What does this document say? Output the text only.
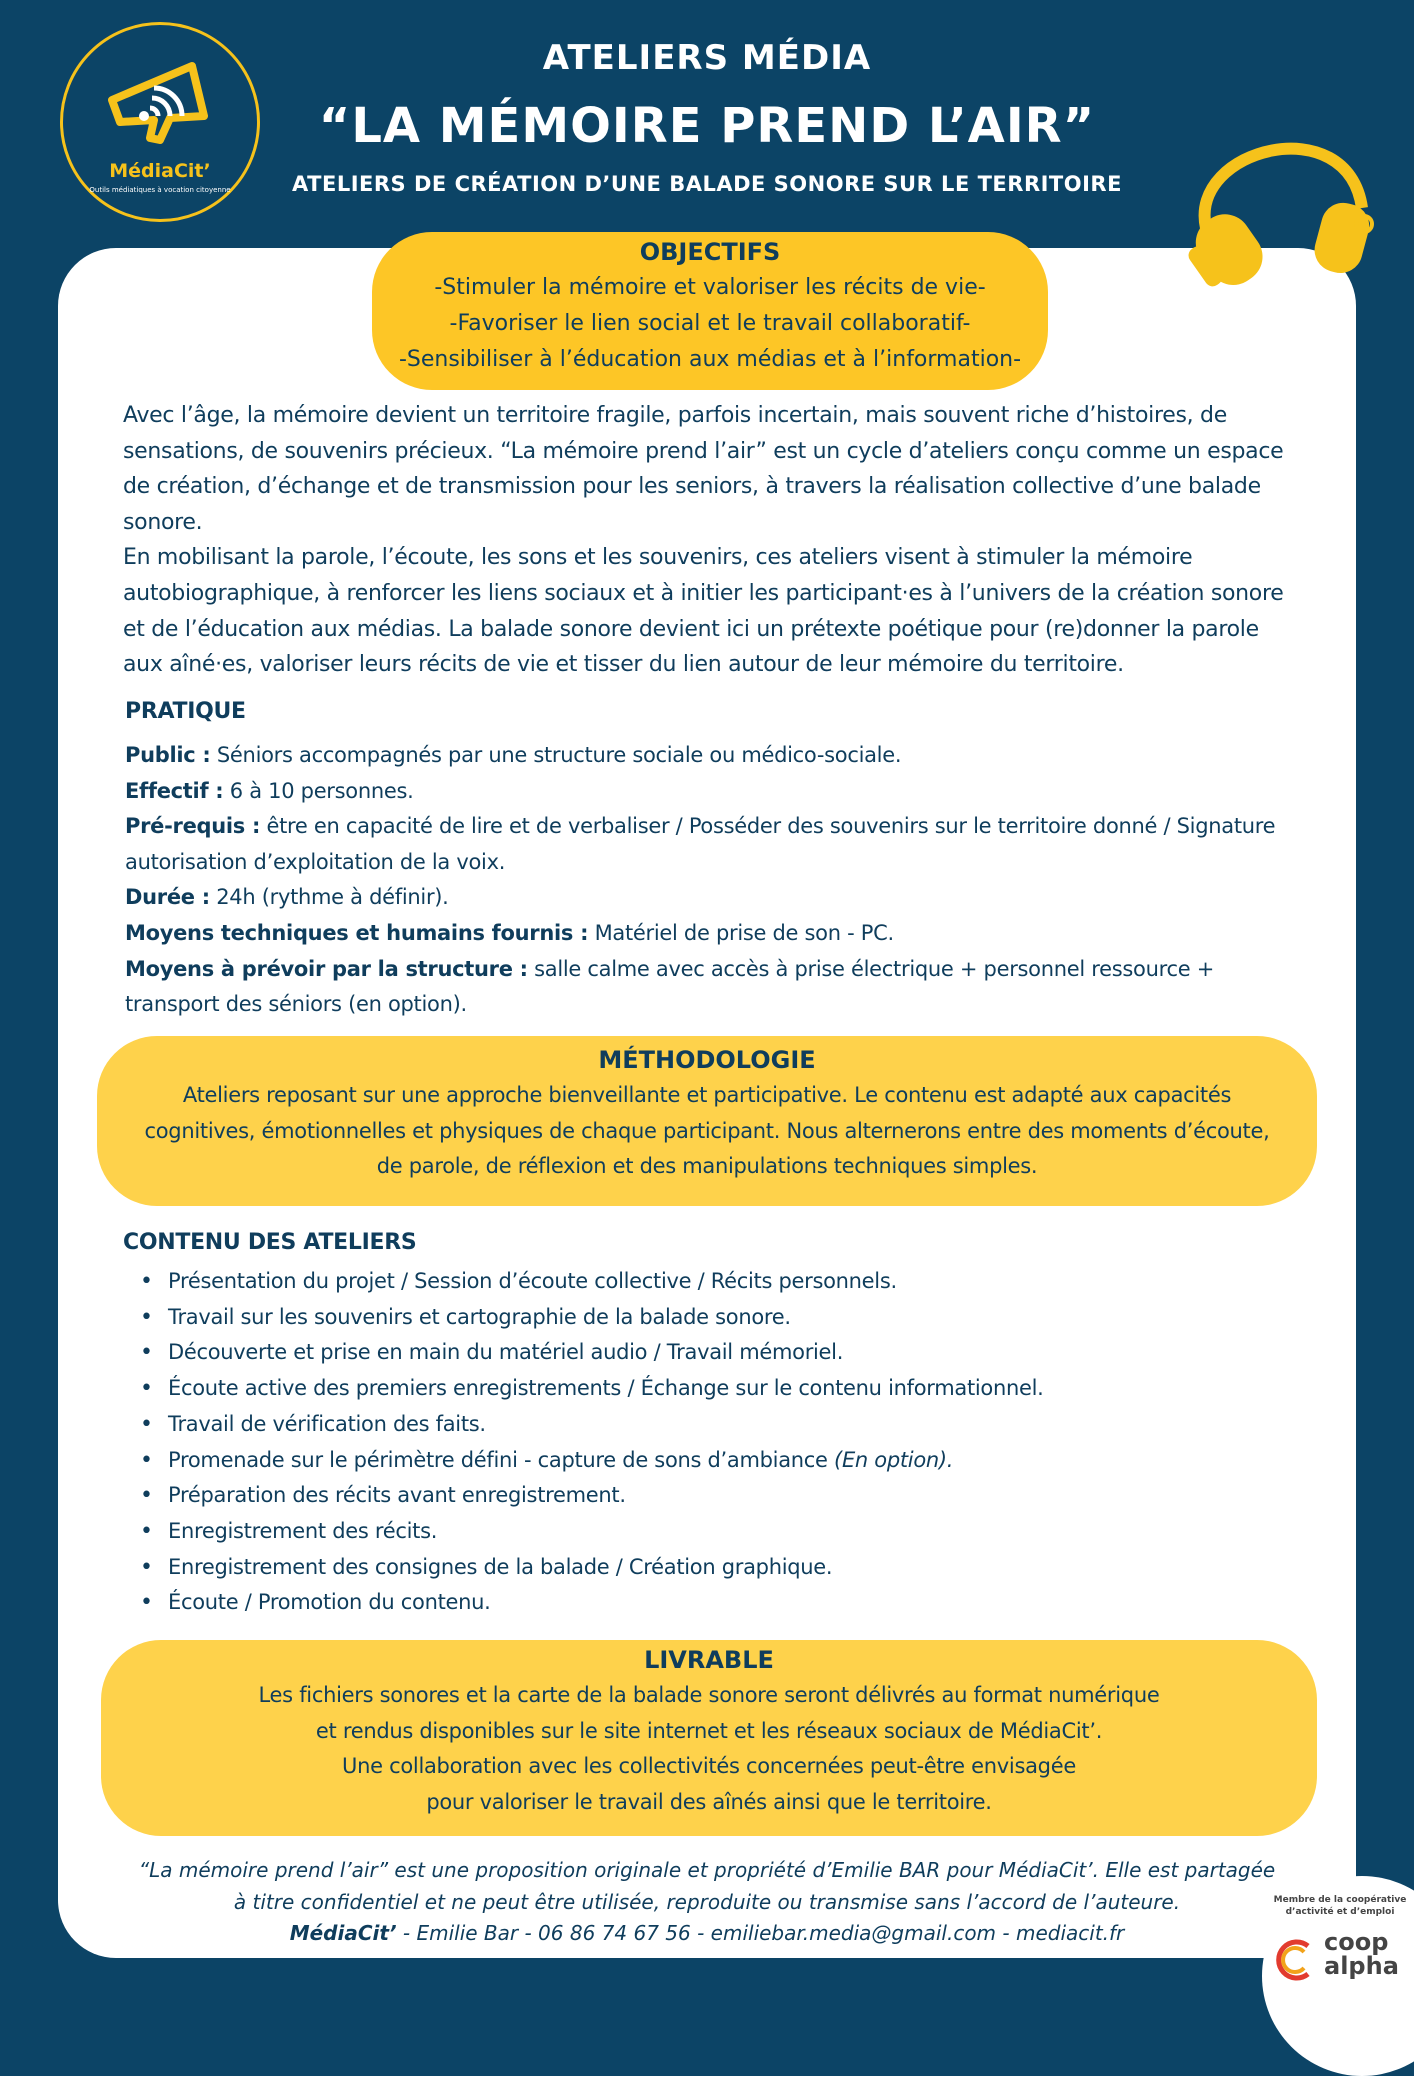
MédiaCit’
Outils médiatiques à vocation citoyenne
ATELIERS MÉDIA
“LA MÉMOIRE PREND L’AIR”
ATELIERS DE CRÉATION D’UNE BALADE SONORE SUR LE TERRITOIRE
OBJECTIFS
-Stimuler la mémoire et valoriser les récits de vie-
-Favoriser le lien social et le travail collaboratif-
-Sensibiliser à l’éducation aux médias et à l’information-

Avec l’âge, la mémoire devient un territoire fragile, parfois incertain, mais souvent riche d’histoires, de sensations, de souvenirs précieux. “La mémoire prend l’air” est un cycle d’ateliers conçu comme un espace de création, d’échange et de transmission pour les seniors, à travers la réalisation collective d’une balade sonore.

En mobilisant la parole, l’écoute, les sons et les souvenirs, ces ateliers visent à stimuler la mémoire autobiographique, à renforcer les liens sociaux et à initier les participant·es à l’univers de la création sonore et de l’éducation aux médias. La balade sonore devient ici un prétexte poétique pour (re)donner la parole aux aîné·es, valoriser leurs récits de vie et tisser du lien autour de leur mémoire du territoire.

PRATIQUE
Public : Séniors accompagnés par une structure sociale ou médico-sociale.
Effectif : 6 à 10 personnes.
Pré-requis : être en capacité de lire et de verbaliser / Posséder des souvenirs sur le territoire donné / Signature autorisation d’exploitation de la voix.
Durée : 24h (rythme à définir).
Moyens techniques et humains fournis : Matériel de prise de son - PC.
Moyens à prévoir par la structure : salle calme avec accès à prise électrique + personnel ressource + transport des séniors (en option).
MÉTHODOLOGIE
Ateliers reposant sur une approche bienveillante et participative. Le contenu est adapté aux capacités cognitives, émotionnelles et physiques de chaque participant. Nous alternerons entre des moments d’écoute, de parole, de réflexion et des manipulations techniques simples.
CONTENU DES ATELIERS
• Présentation du projet / Session d’écoute collective / Récits personnels.
• Travail sur les souvenirs et cartographie de la balade sonore.
• Découverte et prise en main du matériel audio / Travail mémoriel.
• Écoute active des premiers enregistrements / Échange sur le contenu informationnel.
• Travail de vérification des faits.
• Promenade sur le périmètre défini - capture de sons d’ambiance (En option).
• Préparation des récits avant enregistrement.
• Enregistrement des récits.
• Enregistrement des consignes de la balade / Création graphique.
• Écoute / Promotion du contenu.
LIVRABLE
Les fichiers sonores et la carte de la balade sonore seront délivrés au format numérique
et rendus disponibles sur le site internet et les réseaux sociaux de MédiaCit’.
Une collaboration avec les collectivités concernées peut-être envisagée
pour valoriser le travail des aînés ainsi que le territoire.
“La mémoire prend l’air” est une proposition originale et propriété d’Emilie BAR pour MédiaCit’. Elle est partagée
à titre confidentiel et ne peut être utilisée, reproduite ou transmise sans l’accord de l’auteure.
MédiaCit’ - Emilie Bar - 06 86 74 67 56 - emiliebar.media@gmail.com - mediacit.fr
Membre de la coopérative d’activité et d’emploi
coop
alpha
